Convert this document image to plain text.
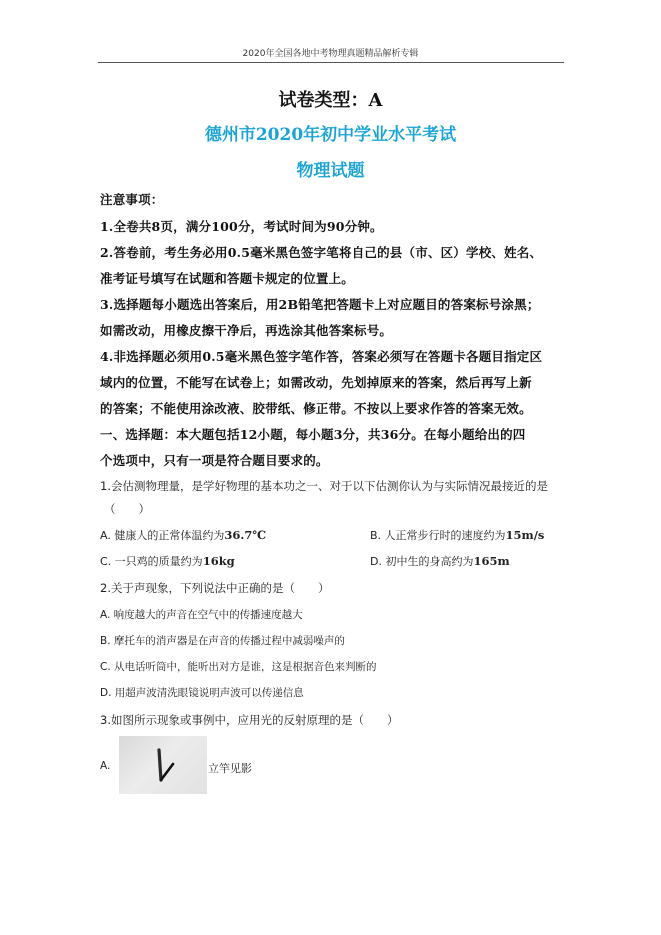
2020年全国各地中考物理真题精品解析专辑
试卷类型：A
德州市2020年初中学业水平考试
物理试题
注意事项：
1.全卷共8页，满分100分，考试时间为90分钟。
2.答卷前，考生务必用0.5毫米黑色签字笔将自己的县（市、区）学校、姓名、
准考证号填写在试题和答题卡规定的位置上。
3.选择题每小题选出答案后，用2B铅笔把答题卡上对应题目的答案标号涂黑；
如需改动，用橡皮擦干净后，再选涂其他答案标号。
4.非选择题必须用0.5毫米黑色签字笔作答，答案必须写在答题卡各题目指定区
域内的位置，不能写在试卷上；如需改动，先划掉原来的答案，然后再写上新
的答案；不能使用涂改液、胶带纸、修正带。不按以上要求作答的答案无效。
一、选择题：本大题包括12小题，每小题3分，共36分。在每小题给出的四
个选项中，只有一项是符合题目要求的。
1.会估测物理量，是学好物理的基本功之一、对于以下估测你认为与实际情况最接近的是
（　　）
A. 健康人的正常体温约为36.7℃	B. 人正常步行时的速度约为15m/s
C. 一只鸡的质量约为16kg	D. 初中生的身高约为165m
2.关于声现象，下列说法中正确的是（　　）
A. 响度越大的声音在空气中的传播速度越大
B. 摩托车的消声器是在声音的传播过程中减弱噪声的
C. 从电话听筒中，能听出对方是谁，这是根据音色来判断的
D. 用超声波清洗眼镜说明声波可以传递信息
3.如图所示现象或事例中，应用光的反射原理的是（　　）
A.	立竿见影
